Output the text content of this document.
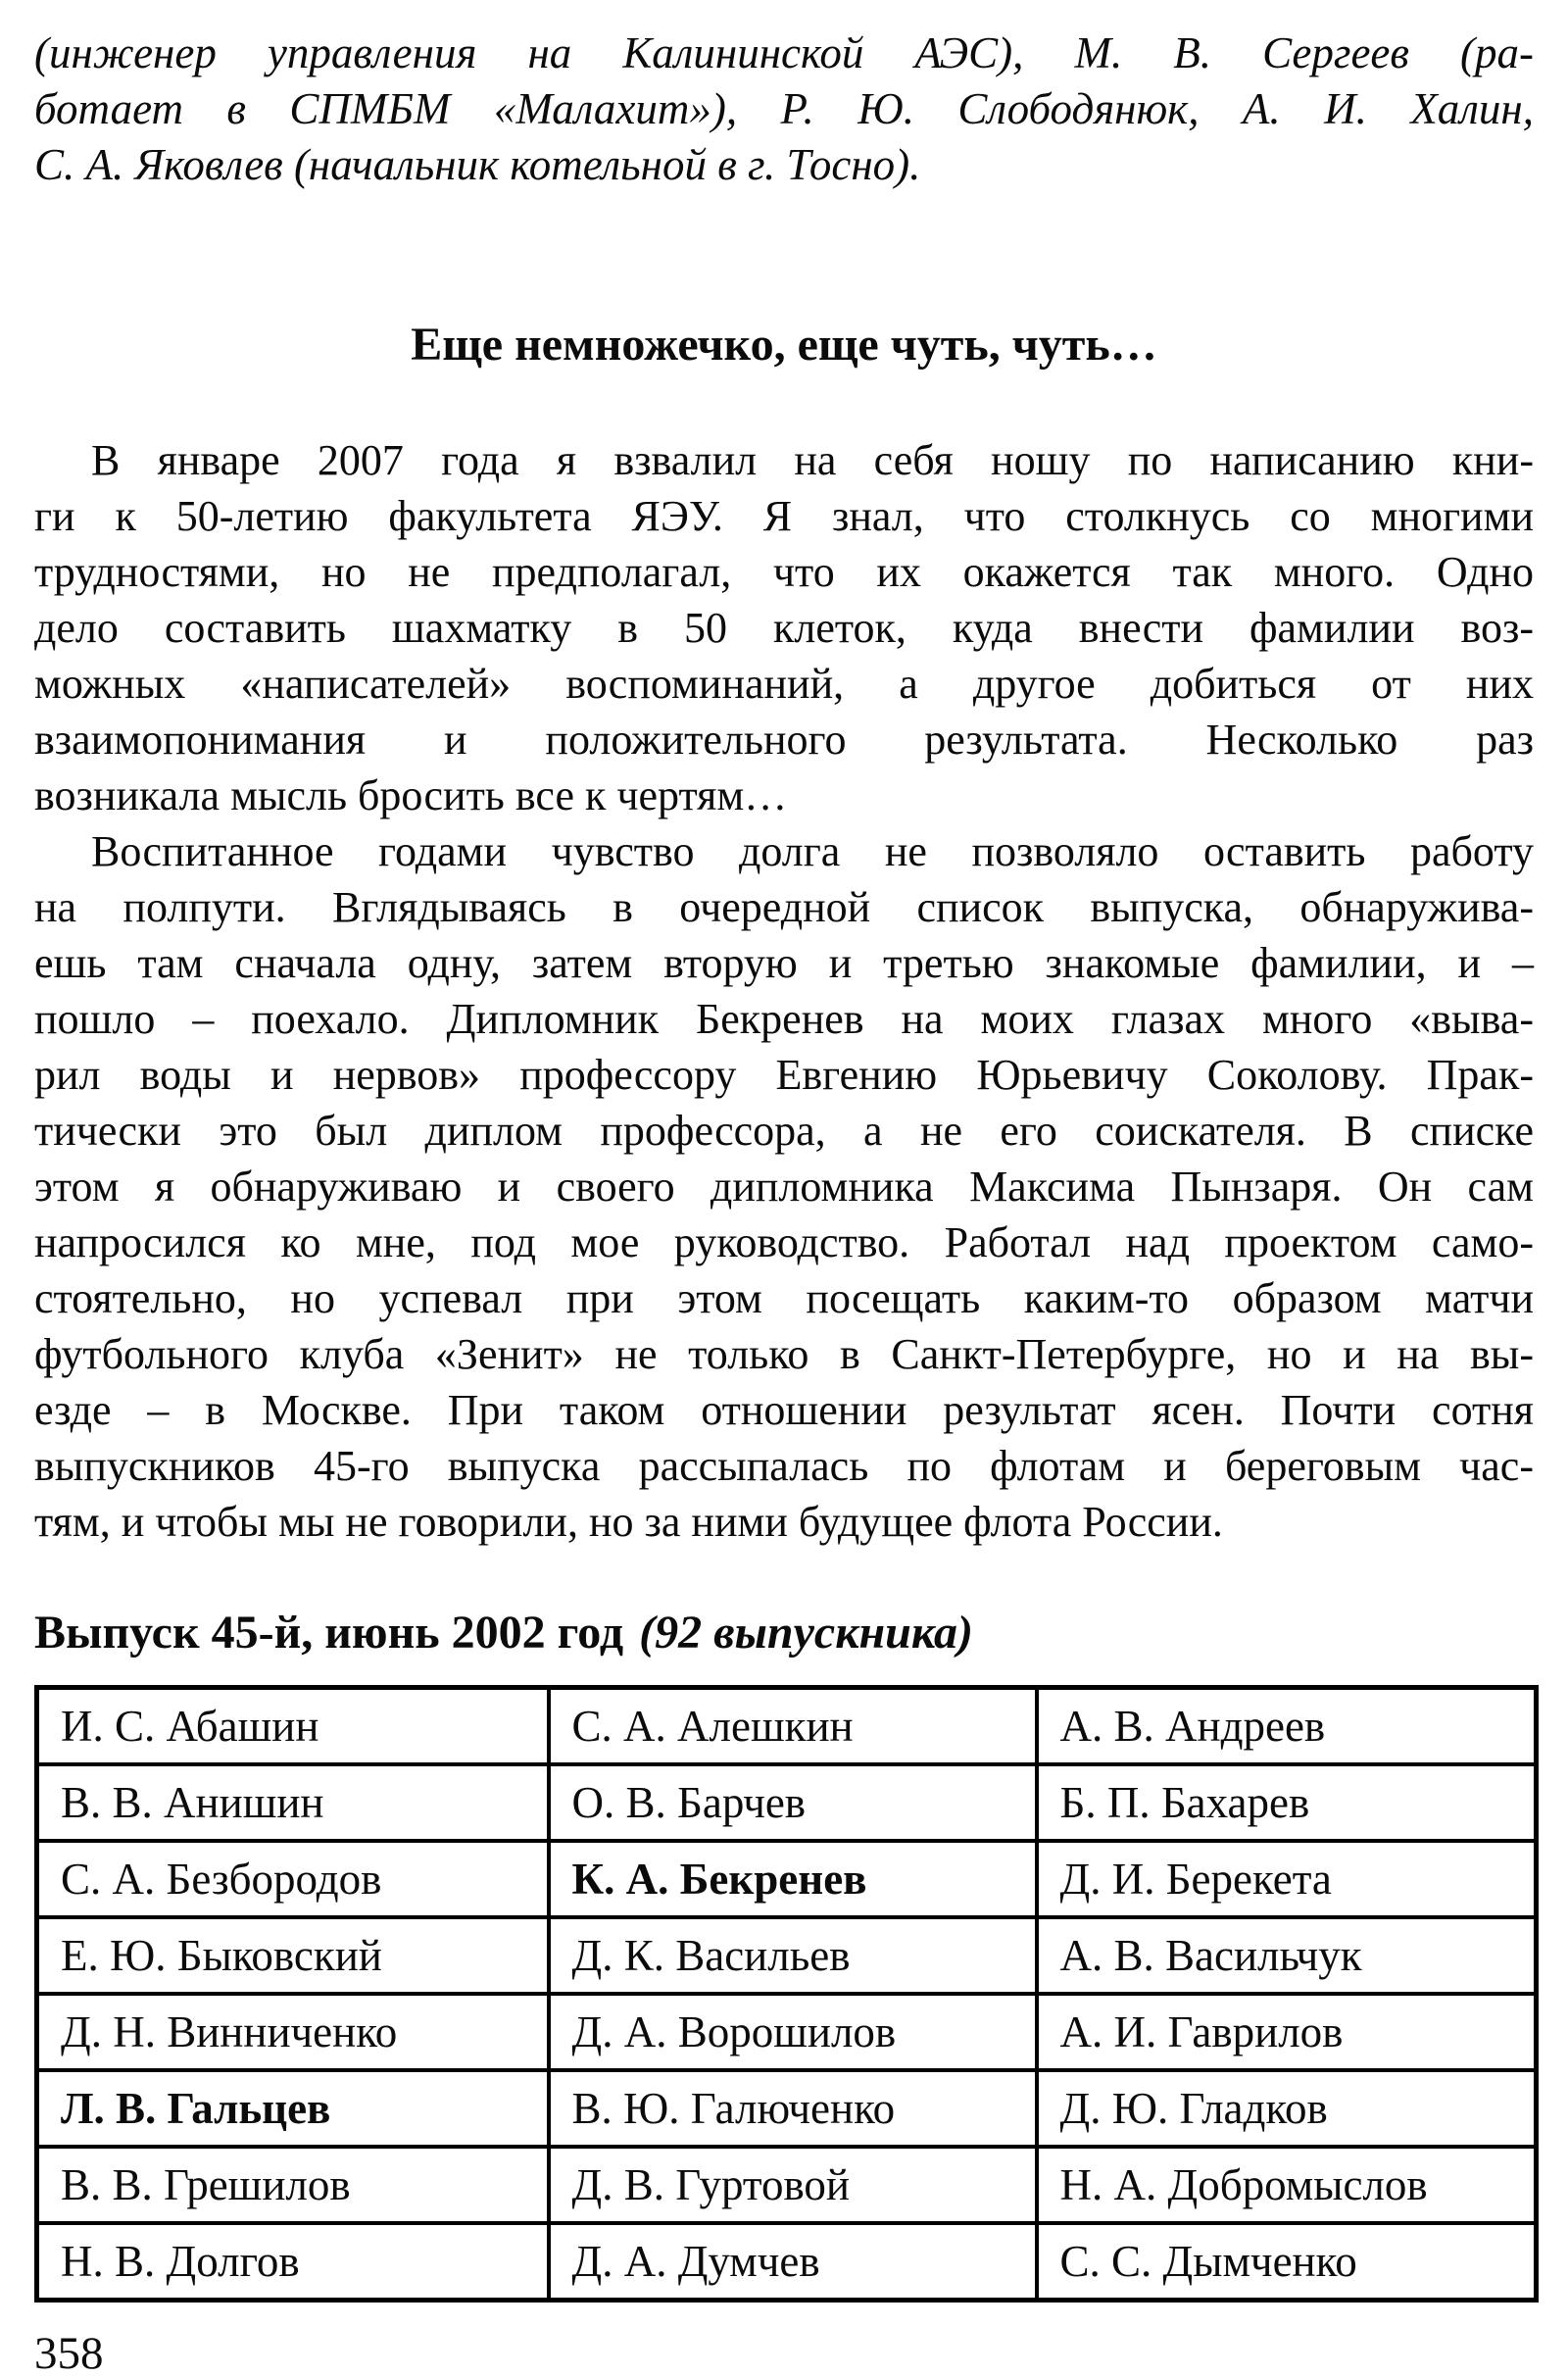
(инженер управления на Калининской АЭС), М. В. Сергеев (ра-
ботает в СПМБМ «Малахит»), Р. Ю. Слободянюк, А. И. Халин,
С. А. Яковлев (начальник котельной в г. Тосно).
Еще немножечко, еще чуть, чуть…
В январе 2007 года я взвалил на себя ношу по написанию кни-
ги к 50-летию факультета ЯЭУ. Я знал, что столкнусь со многими
трудностями, но не предполагал, что их окажется так много. Одно
дело составить шахматку в 50 клеток, куда внести фамилии воз-
можных «написателей» воспоминаний, а другое добиться от них
взаимопонимания и положительного результата. Несколько раз
возникала мысль бросить все к чертям…
Воспитанное годами чувство долга не позволяло оставить работу
на полпути. Вглядываясь в очередной список выпуска, обнаружива-
ешь там сначала одну, затем вторую и третью знакомые фамилии, и –
пошло – поехало. Дипломник Бекренев на моих глазах много «выва-
рил воды и нервов» профессору Евгению Юрьевичу Соколову. Прак-
тически это был диплом профессора, а не его соискателя. В списке
этом я обнаруживаю и своего дипломника Максима Пынзаря. Он сам
напросился ко мне, под мое руководство. Работал над проектом само-
стоятельно, но успевал при этом посещать каким-то образом матчи
футбольного клуба «Зенит» не только в Санкт-Петербурге, но и на вы-
езде – в Москве. При таком отношении результат ясен. Почти сотня
выпускников 45-го выпуска рассыпалась по флотам и береговым час-
тям, и чтобы мы не говорили, но за ними будущее флота России.
Выпуск 45-й, июнь 2002 год (92 выпускника)
И. С. Абашин	С. А. Алешкин	А. В. Андреев
В. В. Анишин	О. В. Барчев	Б. П. Бахарев
С. А. Безбородов	К. А. Бекренев	Д. И. Берекета
Е. Ю. Быковский	Д. К. Васильев	А. В. Васильчук
Д. Н. Винниченко	Д. А. Ворошилов	А. И. Гаврилов
Л. В. Гальцев	В. Ю. Галюченко	Д. Ю. Гладков
В. В. Грешилов	Д. В. Гуртовой	Н. А. Добромыслов
Н. В. Долгов	Д. А. Думчев	С. С. Дымченко
358
